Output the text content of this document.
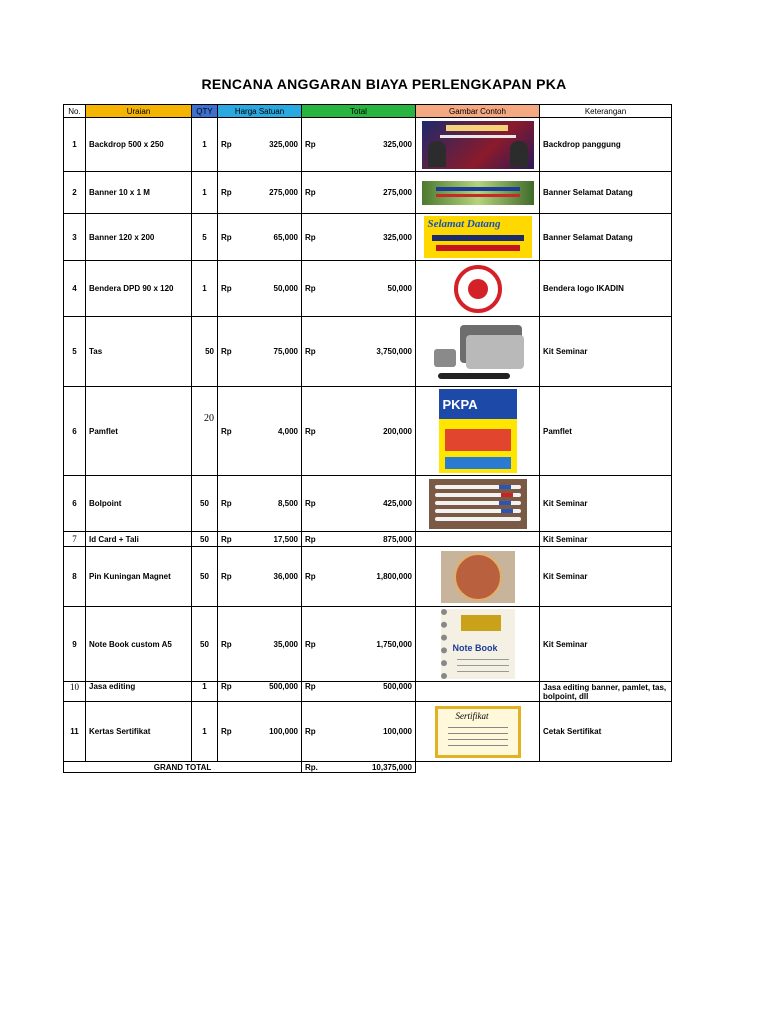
RENCANA ANGGARAN BIAYA PERLENGKAPAN PKA
No.	Uraian	QTY	Harga Satuan	Total	Gambar Contoh	Keterangan
1	Backdrop 500 x 250	1	Rp 325,000	Rp 325,000		Backdrop panggung
2	Banner 10 x 1 M	1	Rp 275,000	Rp 275,000		Banner Selamat Datang
3	Banner 120 x 200	5	Rp 65,000	Rp 325,000	Selamat Datang	Banner Selamat Datang
4	Bendera DPD 90 x 120	1	Rp 50,000	Rp 50,000		Bendera logo IKADIN
5	Tas	50	Rp 75,000	Rp 3,750,000		Kit Seminar
6	Pamflet	20	Rp 4,000	Rp 200,000	PKPA	Pamflet
6	Bolpoint	50	Rp 8,500	Rp 425,000		Kit Seminar
7	Id Card + Tali	50	Rp 17,500	Rp 875,000		Kit Seminar
8	Pin Kuningan Magnet	50	Rp 36,000	Rp 1,800,000		Kit Seminar
9	Note Book custom A5	50	Rp 35,000	Rp 1,750,000	Note Book	Kit Seminar
10	Jasa editing	1	Rp 500,000	Rp 500,000		Jasa editing banner, pamlet, tas, bolpoint, dll
11	Kertas Sertifikat	1	Rp 100,000	Rp 100,000	Sertifikat	Cetak Sertifikat
GRAND TOTAL				Rp. 10,375,000		
